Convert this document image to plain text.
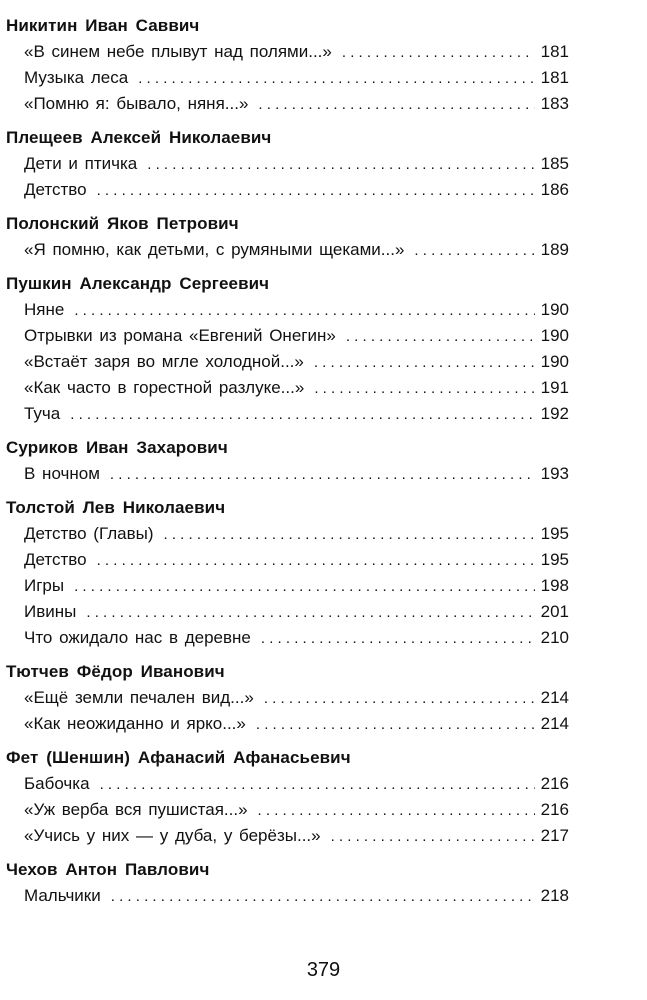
Никитин Иван Саввич
«В синем небе плывут над полями...» . . .	181
Музыка леса . . .	181
«Помню я: бывало, няня...» . . .	183
Плещеев Алексей Николаевич
Дети и птичка . . .	185
Детство . . .	186
Полонский Яков Петрович
«Я помню, как детьми, с румяными щеками...» . . .	189
Пушкин Александр Сергеевич
Няне . . .	190
Отрывки из романа «Евгений Онегин» . . .	190
«Встаёт заря во мгле холодной...» . . .	190
«Как часто в горестной разлуке...» . . .	191
Туча . . .	192
Суриков Иван Захарович
В ночном . . .	193
Толстой Лев Николаевич
Детство (Главы) . . .	195
Детство . . .	195
Игры . . .	198
Ивины . . .	201
Что ожидало нас в деревне . . .	210
Тютчев Фёдор Иванович
«Ещё земли печален вид...» . . .	214
«Как неожиданно и ярко...» . . .	214
Фет (Шеншин) Афанасий Афанасьевич
Бабочка . . .	216
«Уж верба вся пушистая...» . . .	216
«Учись у них — у дуба, у берёзы...» . . .	217
Чехов Антон Павлович
Мальчики . . .	218
379
